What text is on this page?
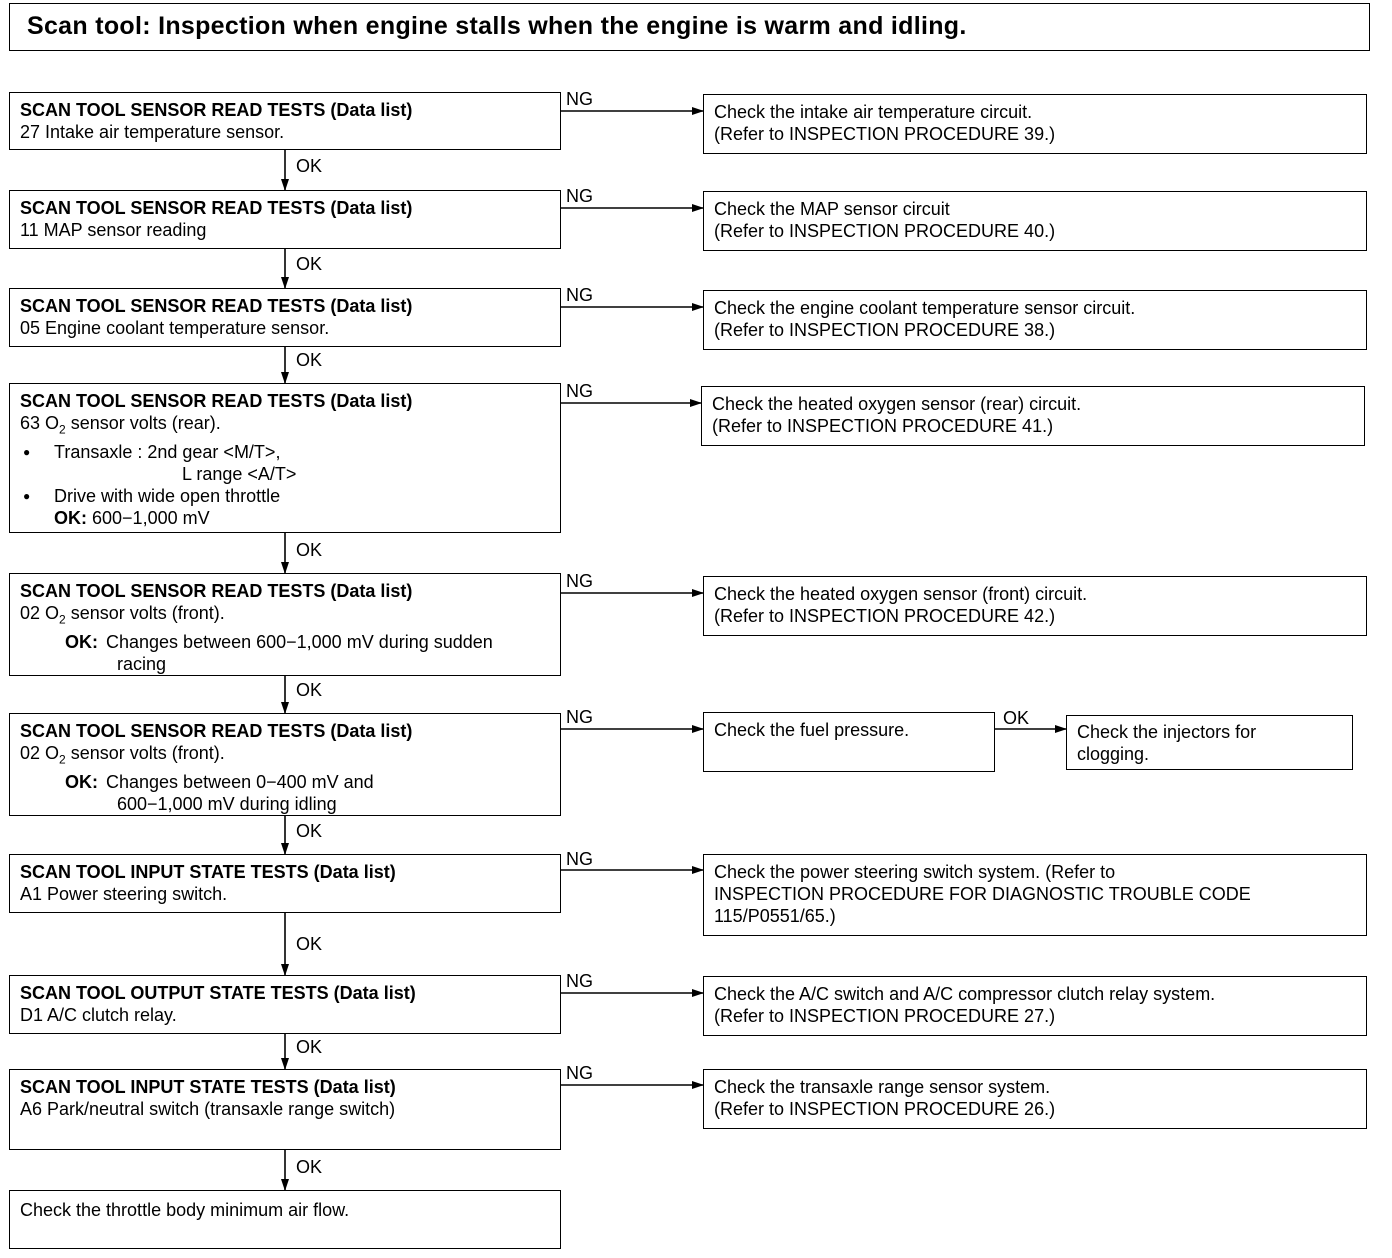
Scan tool: Inspection when engine stalls when the engine is warm and idling.
OK
OK
OK
OK
OK
OK
OK
OK
OK
OK
NG
NG
NG
NG
NG
NG
NG
NG
NG
SCAN TOOL SENSOR READ TESTS (Data list)
27 Intake air temperature sensor.
Check the intake air temperature circuit.
(Refer to INSPECTION PROCEDURE 39.)
SCAN TOOL SENSOR READ TESTS (Data list)
11 MAP sensor reading
Check the MAP sensor circuit
(Refer to INSPECTION PROCEDURE 40.)
SCAN TOOL SENSOR READ TESTS (Data list)
05 Engine coolant temperature sensor.
Check the engine coolant temperature sensor circuit.
(Refer to INSPECTION PROCEDURE 38.)
SCAN TOOL SENSOR READ TESTS (Data list)
63 $O_2$ sensor volts (rear).
● Transaxle : 2nd gear <M/T>,
L range <A/T>
● Drive with wide open throttle
OK: 600−1,000 mV
Check the heated oxygen sensor (rear) circuit.
(Refer to INSPECTION PROCEDURE 41.)
SCAN TOOL SENSOR READ TESTS (Data list)
02 $O_2$ sensor volts (front).
OK: Changes between 600−1,000 mV during sudden
racing
Check the heated oxygen sensor (front) circuit.
(Refer to INSPECTION PROCEDURE 42.)
SCAN TOOL SENSOR READ TESTS (Data list)
02 $O_2$ sensor volts (front).
OK: Changes between 0−400 mV and
600−1,000 mV during idling
Check the fuel pressure.	Check the injectors for
clogging.
SCAN TOOL INPUT STATE TESTS (Data list)
A1 Power steering switch.
Check the power steering switch system. (Refer to
INSPECTION PROCEDURE FOR DIAGNOSTIC TROUBLE CODE
115/P0551/65.)
SCAN TOOL OUTPUT STATE TESTS (Data list)
D1 A/C clutch relay.
Check the A/C switch and A/C compressor clutch relay system.
(Refer to INSPECTION PROCEDURE 27.)
SCAN TOOL INPUT STATE TESTS (Data list)
A6 Park/neutral switch (transaxle range switch)
Check the transaxle range sensor system.
(Refer to INSPECTION PROCEDURE 26.)
Check the throttle body minimum air flow.
